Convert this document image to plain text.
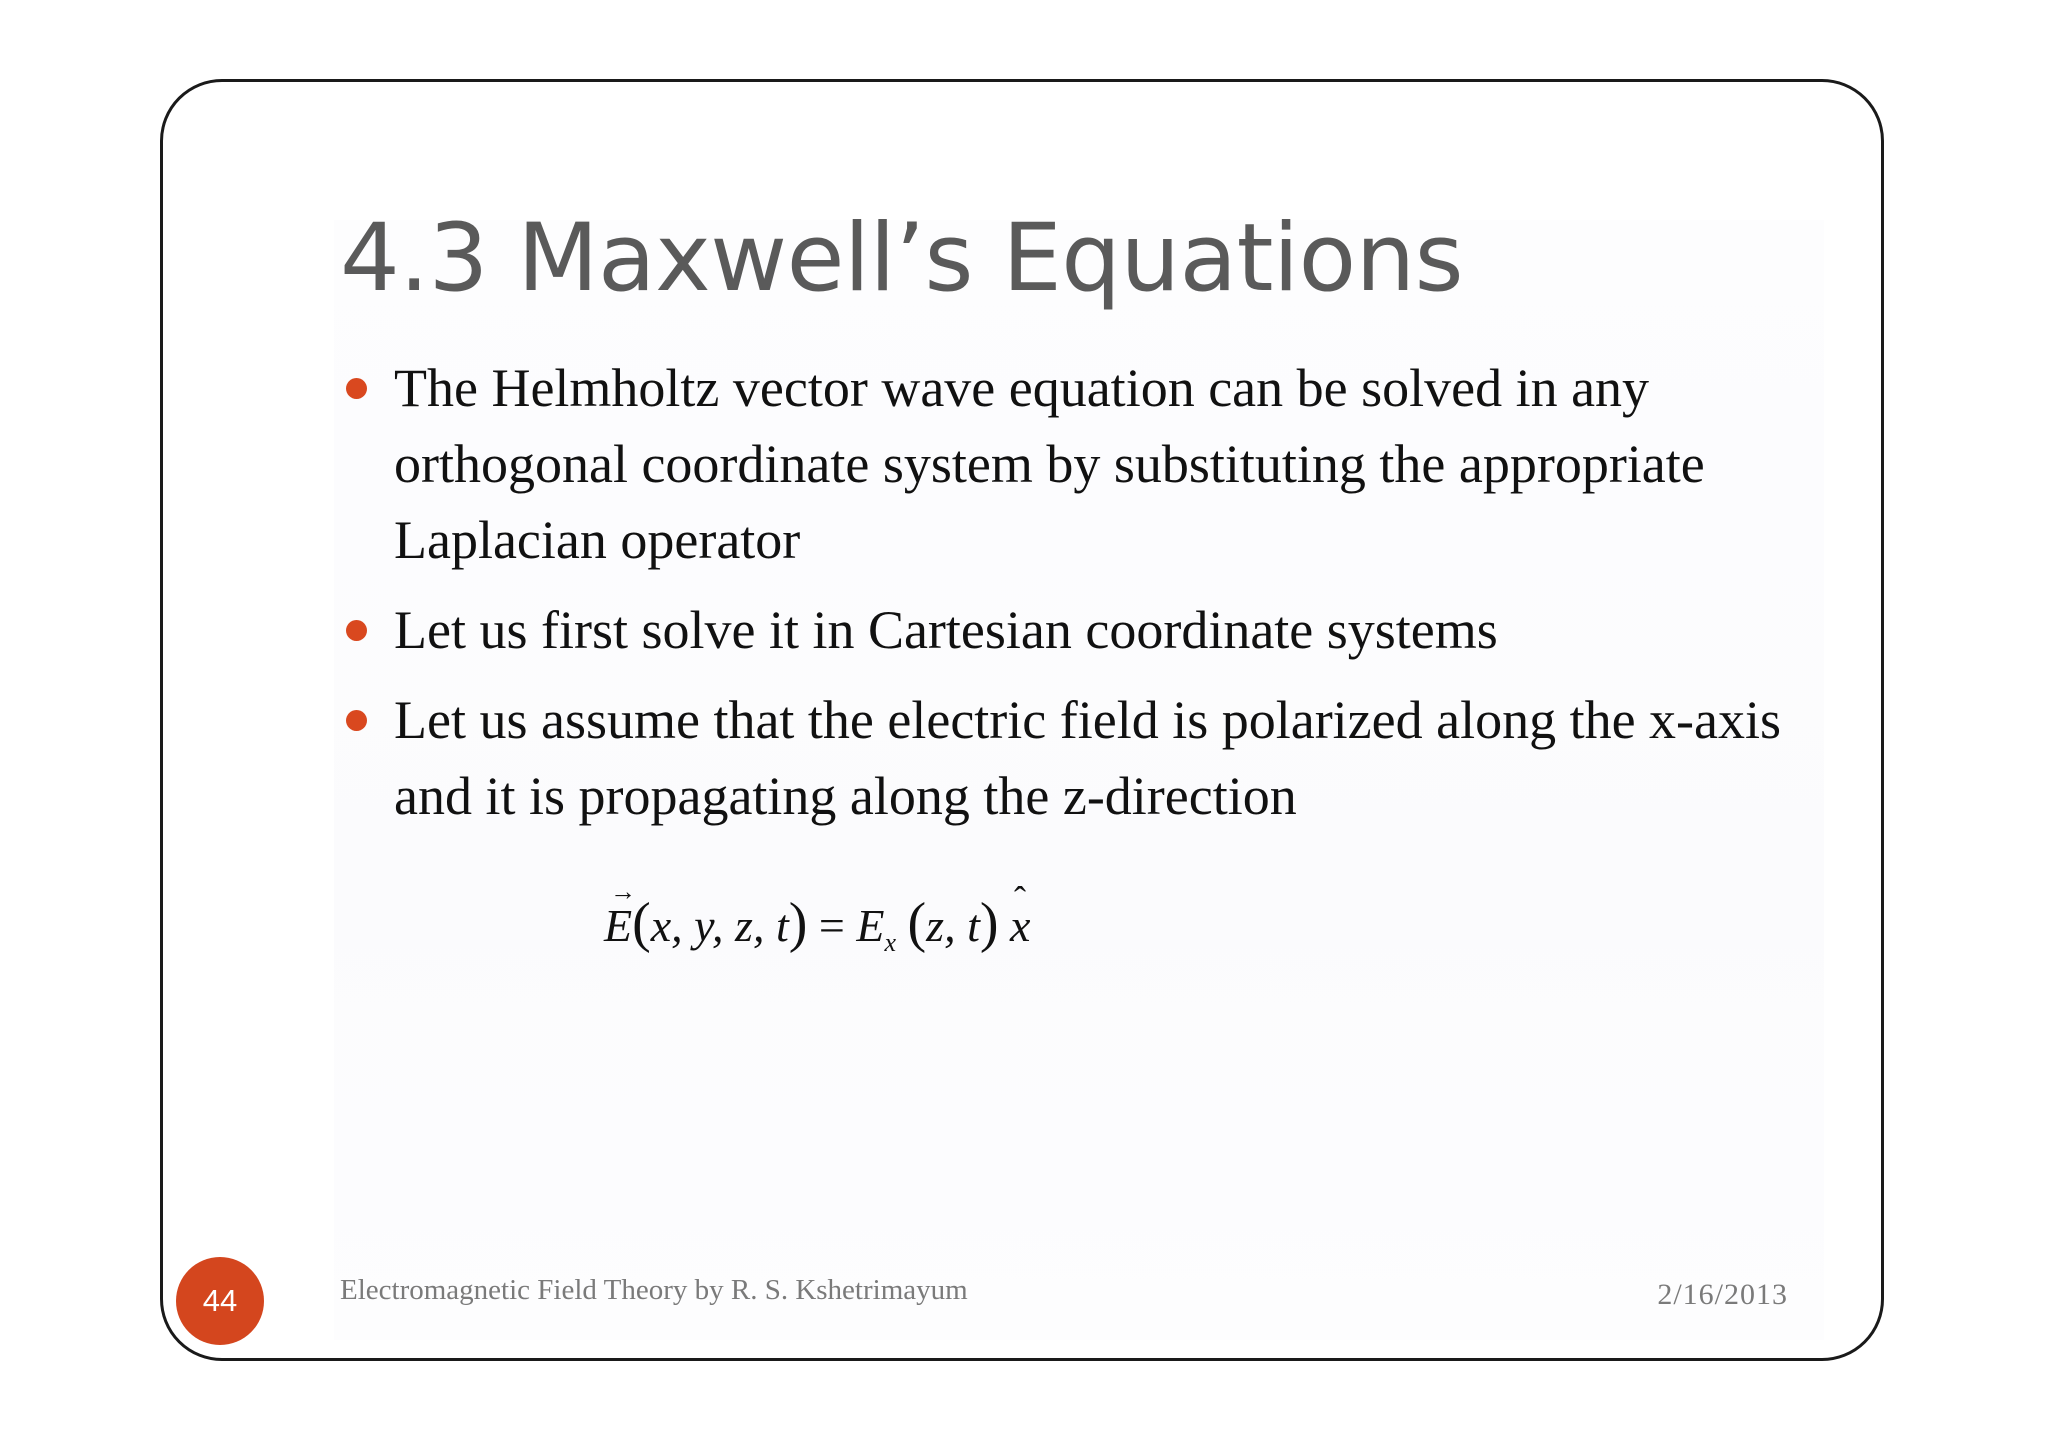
4.3 Maxwell’s Equations
The Helmholtz vector wave equation can be solved in any orthogonal coordinate system by substituting the appropriate Laplacian operator
Let us first solve it in Cartesian coordinate systems
Let us assume that the electric field is polarized along the x-axis and it is propagating along the z-direction
→ E(x, y, z, $t) = E_x$ (z, t) ˆ x
44	Electromagnetic Field Theory by R. S. Kshetrimayum	2/16/2013
